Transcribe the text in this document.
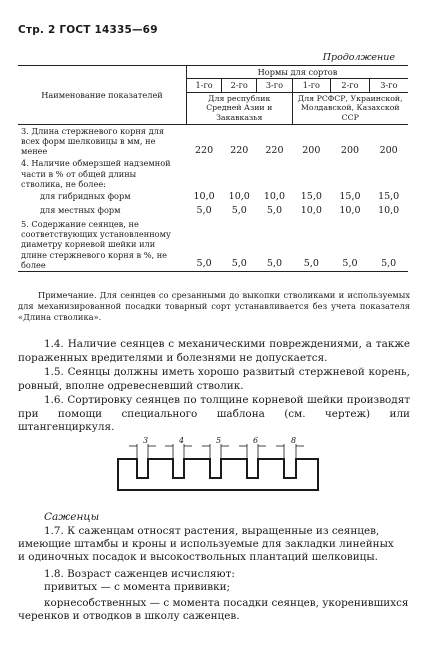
Стр. 2 ГОСТ 14335—69
Продолжение
Наименование показателей	Нормы для сортов					
	1-го	2-го	3-го	1-го	2-го	3-го
	Для республик Средней Азии и Закавказья			Для РСФСР, Украинской, Молдавской, Казахской ССР		
3. Длина стержневого корня для всех форм шелковицы в мм, не менее	220	220	220	200	200	200
4. Наличие обмерзшей надземной части в % от общей длины стволика, не более:						
для гибридных форм	10,0	10,0	10,0	15,0	15,0	15,0
для местных форм	5,0	5,0	5,0	10,0	10,0	10,0
5. Содержание сеянцев, не соответствующих установленному диаметру корневой шейки или длине стержневого корня в %, не более	5,0	5,0	5,0	5,0	5,0	5,0

Примечание. Для сеянцев со срезанными до выкопки стволиками и используемых для механизированной посадки товарный сорт устанавливается без учета показателя «Длина стволика».

1.4. Наличие сеянцев с механическими повреждениями, а также пораженных вредителями и болезнями не допускается.

1.5. Сеянцы должны иметь хорошо развитый стержневой корень, ровный, вполне одревесневший стволик.

1.6. Сортировку сеянцев по толщине корневой шейки производят при помощи специального шаблона (см. чертеж) или штангенциркуля.

3	4	5	6	8

Саженцы

1.7. К саженцам относят растения, выращенные из сеянцев,

имеющие штамбы и кроны и используемые для закладки линейных

и одиночных посадок и высокоствольных плантаций шелковицы.

1.8. Возраст саженцев исчисляют:

привитых — с момента прививки;

корнесобственных — с момента посадки сеянцев, укоренившихся

черенков и отводков в школу саженцев.
